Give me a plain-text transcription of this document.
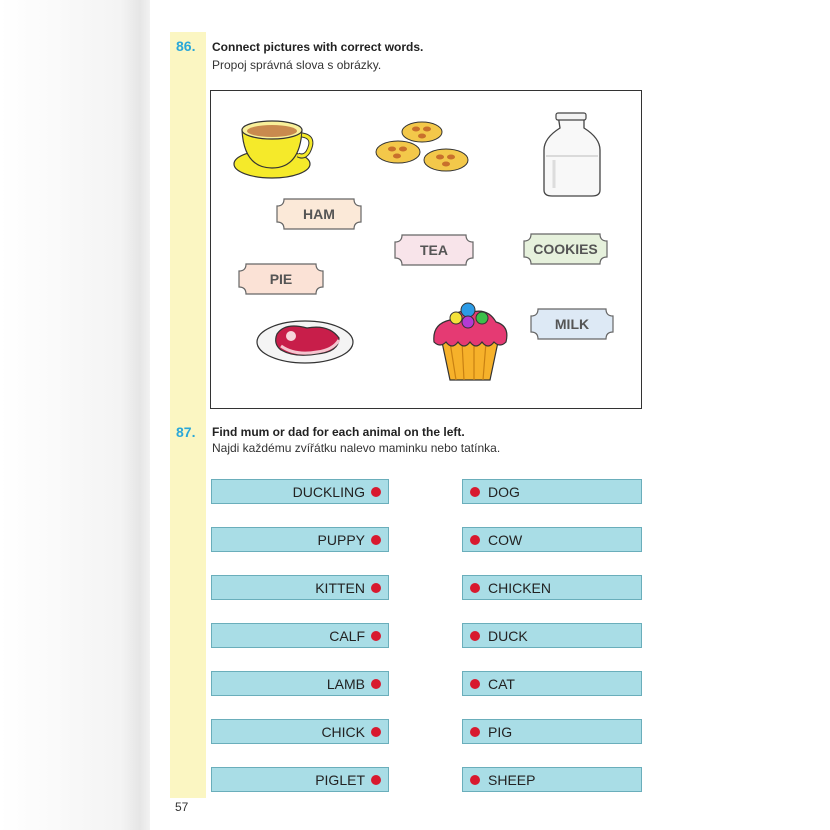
86. Connect pictures with correct words.
Propoj správná slova s obrázky.
HAM
TEA	COOKIES
PIE
MILK
87. Find mum or dad for each animal on the left.
Najdi každému zvířátku nalevo maminku nebo tatínka.
DUCKLING
PUPPY
KITTEN
CALF
LAMB
CHICK
PIGLET
DOG
COW
CHICKEN
DUCK
CAT
PIG
SHEEP
57
